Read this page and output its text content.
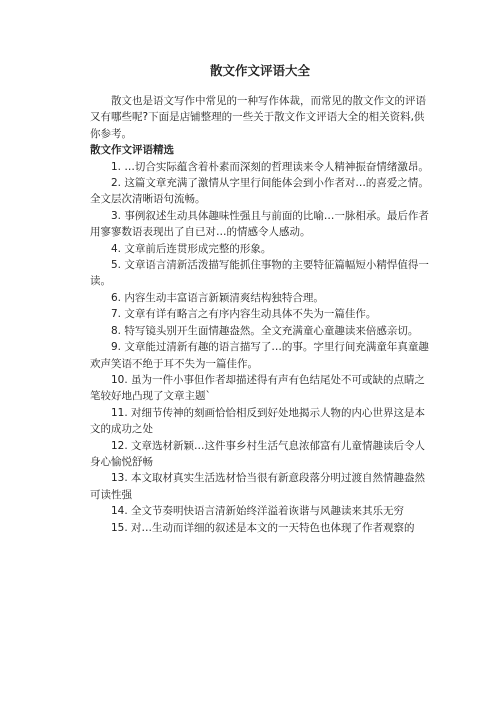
散文作文评语大全

散文也是语文写作中常见的一种写作体裁，而常见的散文作文的评语又有哪些呢?下面是店铺整理的一些关于散文作文评语大全的相关资料,供你参考。

散文作文评语精选

1. …切合实际蕴含着朴素而深刻的哲理读来令人精神振奋情绪激昂。

2. 这篇文章充满了激情从字里行间能体会到小作者对…的喜爱之情。全文层次清晰语句流畅。

3. 事例叙述生动具体趣味性强且与前面的比喻…一脉相承。最后作者用寥寥数语表现出了自已对…的情感令人感动。

4. 文章前后连贯形成完整的形象。

5. 文章语言清新活泼描写能抓住事物的主要特征篇幅短小精悍值得一读。

6. 内容生动丰富语言新颖清爽结构独特合理。

7. 文章有详有略言之有序内容生动具体不失为一篇佳作。

8. 特写镜头别开生面情趣盎然。全文充满童心童趣读来倍感亲切。

9. 文章能过清新有趣的语言描写了…的事。字里行间充满童年真童趣欢声笑语不绝于耳不失为一篇佳作。

10. 虽为一件小事但作者却描述得有声有色结尾处不可或缺的点睛之笔较好地凸现了文章主题`

11. 对细节传神的刻画恰恰相反到好处地揭示人物的内心世界这是本文的成功之处

12. 文章选材新颖…这件事乡村生活气息浓郁富有儿童情趣读后令人身心愉悦舒畅

13. 本文取材真实生活选材恰当很有新意段落分明过渡自然情趣盎然可读性强

14. 全文节奏明快语言清新始终洋溢着诙谐与风趣读来其乐无穷

15. 对…生动而详细的叙述是本文的一天特色也体现了作者观察的
